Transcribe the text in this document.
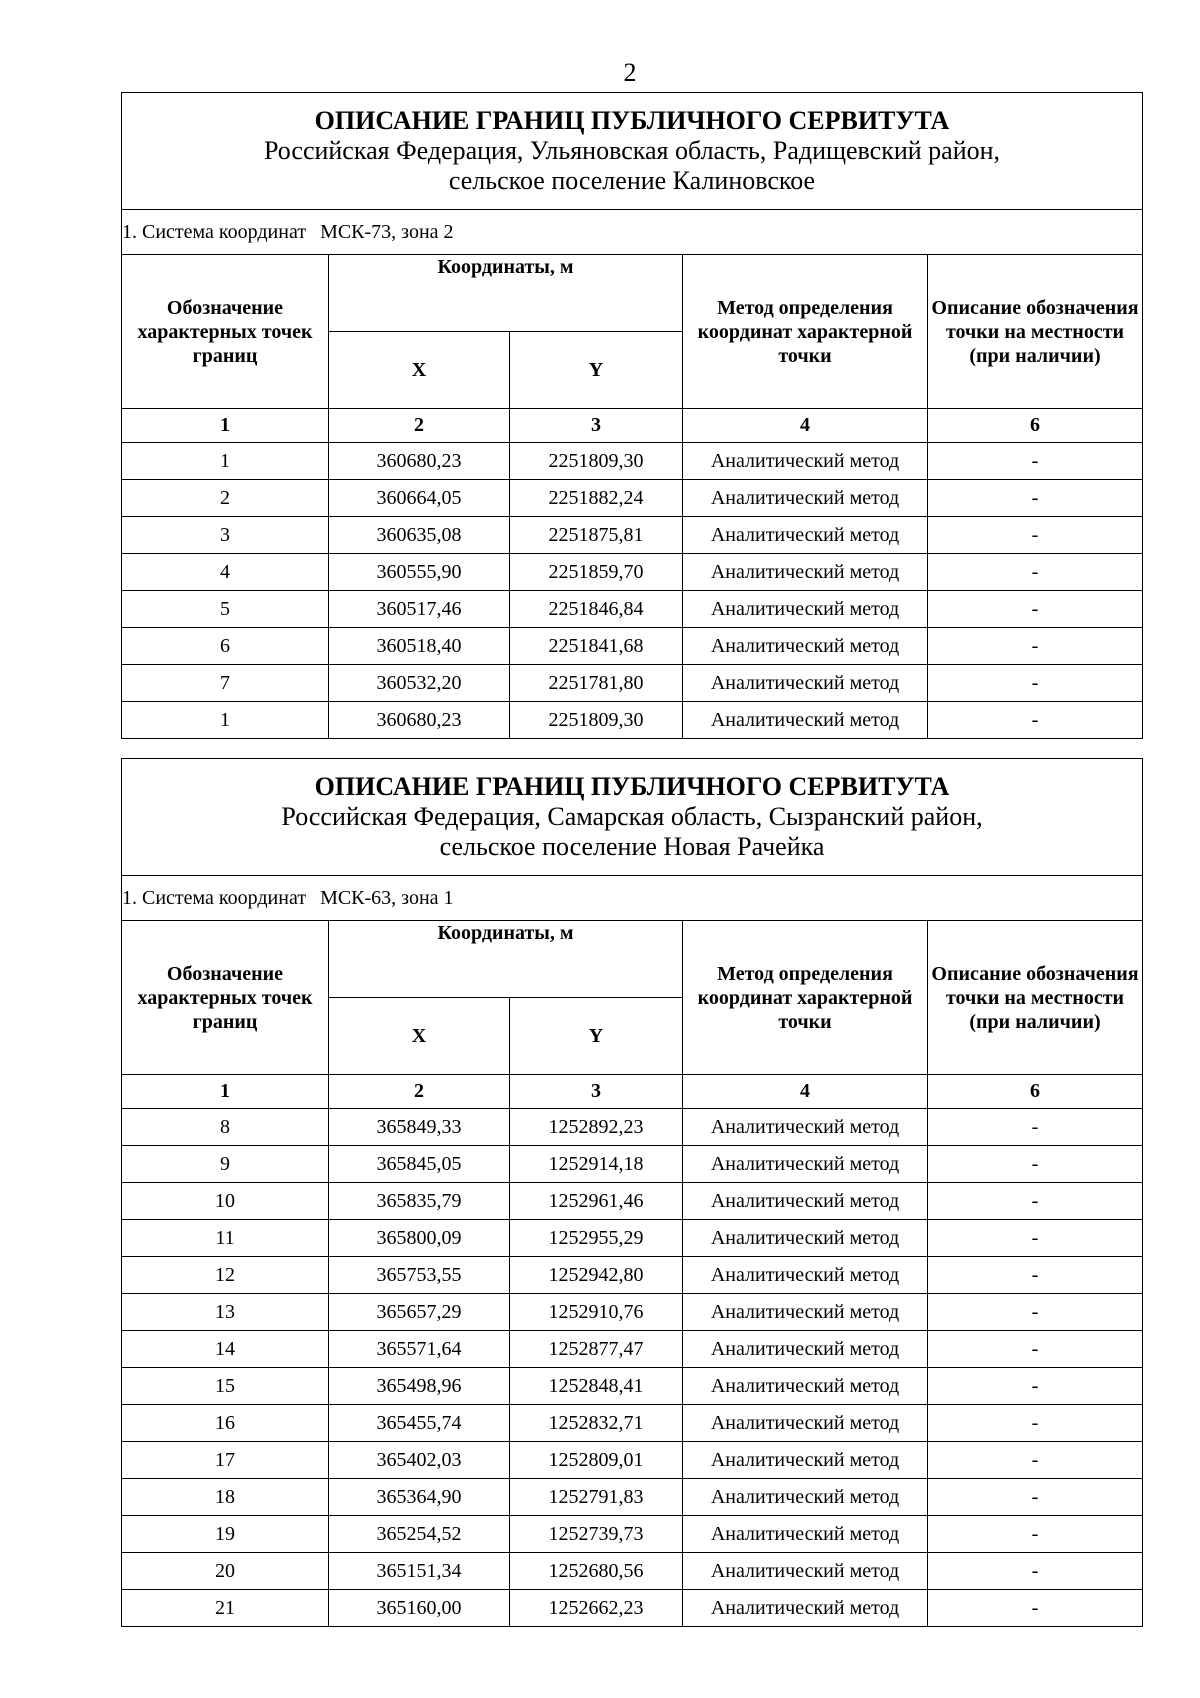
2
ОПИСАНИЕ ГРАНИЦ ПУБЛИЧНОГО СЕРВИТУТА
Российская Федерация, Ульяновская область, Радищевский район,
сельское поселение Калиновское				

1. Система координат МСК-73, зона 2				
Обозначение характерных точек границ	Координаты, м		Метод определения координат характерной точки	Описание обозначения точки на местности (при наличии)
	X	Y		
1	2	3	4	6
1	360680,23	2251809,30	Аналитический метод	-
2	360664,05	2251882,24	Аналитический метод	-
3	360635,08	2251875,81	Аналитический метод	-
4	360555,90	2251859,70	Аналитический метод	-
5	360517,46	2251846,84	Аналитический метод	-
6	360518,40	2251841,68	Аналитический метод	-
7	360532,20	2251781,80	Аналитический метод	-
1	360680,23	2251809,30	Аналитический метод	-
ОПИСАНИЕ ГРАНИЦ ПУБЛИЧНОГО СЕРВИТУТА
Российская Федерация, Самарская область, Сызранский район,
сельское поселение Новая Рачейка				

1. Система координат МСК-63, зона 1				
Обозначение характерных точек границ	Координаты, м		Метод определения координат характерной точки	Описание обозначения точки на местности (при наличии)
	X	Y		
1	2	3	4	6
8	365849,33	1252892,23	Аналитический метод	-
9	365845,05	1252914,18	Аналитический метод	-
10	365835,79	1252961,46	Аналитический метод	-
11	365800,09	1252955,29	Аналитический метод	-
12	365753,55	1252942,80	Аналитический метод	-
13	365657,29	1252910,76	Аналитический метод	-
14	365571,64	1252877,47	Аналитический метод	-
15	365498,96	1252848,41	Аналитический метод	-
16	365455,74	1252832,71	Аналитический метод	-
17	365402,03	1252809,01	Аналитический метод	-
18	365364,90	1252791,83	Аналитический метод	-
19	365254,52	1252739,73	Аналитический метод	-
20	365151,34	1252680,56	Аналитический метод	-
21	365160,00	1252662,23	Аналитический метод	-
